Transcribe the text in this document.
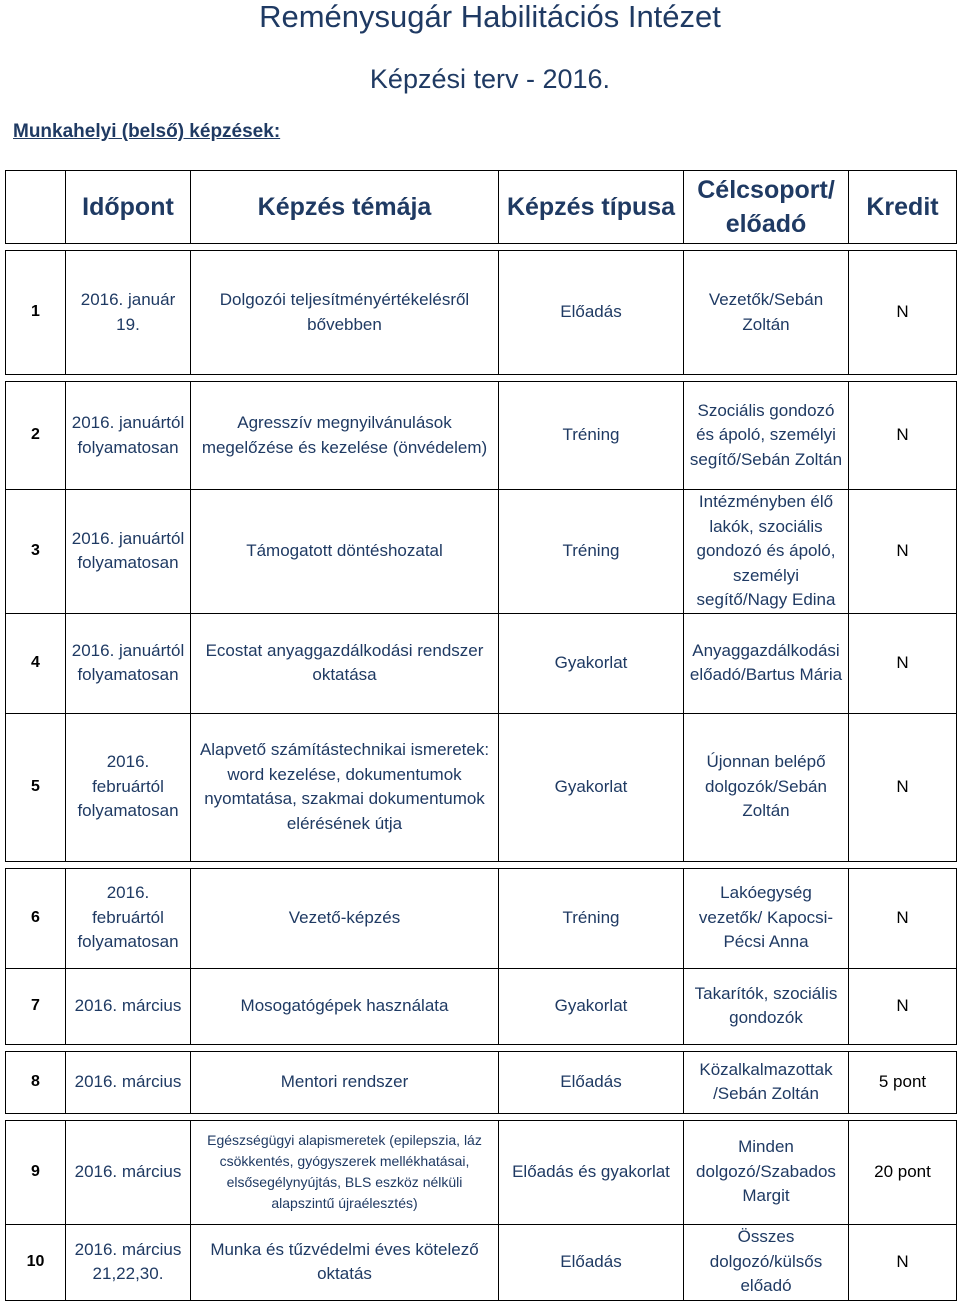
Reménysugár Habilitációs Intézet
Képzési terv - 2016.
Munkahelyi (belső) képzések:
	Időpont	Képzés témája	Képzés típusa	Célcsoport/ előadó	Kredit

1	2016. január 19.	Dolgozói teljesítményértékelésről bővebben	Előadás	Vezetők/Sebán Zoltán	N

2	2016. januártól folyamatosan	Agresszív megnyilvánulások megelőzése és kezelése (önvédelem)	Tréning	Szociális gondozó és ápoló, személyi segítő/Sebán Zoltán	N
3	2016. januártól folyamatosan	Támogatott döntéshozatal	Tréning	Intézményben élő lakók, szociális gondozó és ápoló, személyi segítő/Nagy Edina	N
4	2016. januártól folyamatosan	Ecostat anyaggazdálkodási rendszer oktatása	Gyakorlat	Anyaggazdálkodási előadó/Bartus Mária	N
5	2016. februártól folyamatosan	Alapvető számítástechnikai ismeretek: word kezelése, dokumentumok nyomtatása, szakmai dokumentumok elérésének útja	Gyakorlat	Újonnan belépő dolgozók/Sebán Zoltán	N

6	2016. februártól folyamatosan	Vezető-képzés	Tréning	Lakóegység vezetők/ Kapocsi-Pécsi Anna	N
7	2016. március	Mosogatógépek használata	Gyakorlat	Takarítók, szociális gondozók	N

8	2016. március	Mentori rendszer	Előadás	Közalkalmazottak /Sebán Zoltán	5 pont

9	2016. március	Egészségügyi alapismeretek (epilepszia, láz csökkentés, gyógyszerek mellékhatásai, elsősegélynyújtás, BLS eszköz nélküli alapszintű újraélesztés)	Előadás és gyakorlat	Minden dolgozó/Szabados Margit	20 pont
10	2016. március 21,22,30.	Munka és tűzvédelmi éves kötelező oktatás	Előadás	Összes dolgozó/külsős előadó	N
